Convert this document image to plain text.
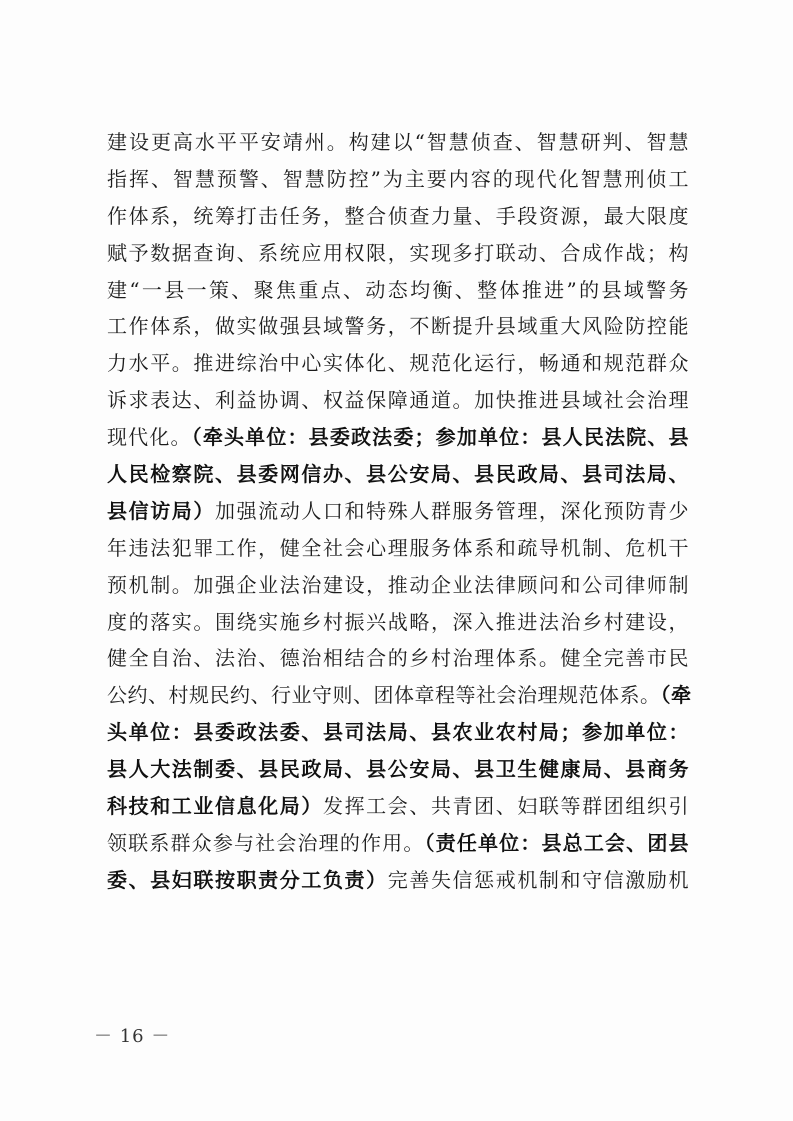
建设更高水平平安靖州。构建以“智慧侦查、智慧研判、智慧
指挥、智慧预警、智慧防控”为主要内容的现代化智慧刑侦工
作体系，统筹打击任务，整合侦查力量、手段资源，最大限度
赋予数据查询、系统应用权限，实现多打联动、合成作战；构
建“一县一策、聚焦重点、动态均衡、整体推进”的县域警务
工作体系，做实做强县域警务，不断提升县域重大风险防控能
力水平。推进综治中心实体化、规范化运行，畅通和规范群众
诉求表达、利益协调、权益保障通道。加快推进县域社会治理
现代化。（牵头单位：县委政法委；参加单位：县人民法院、县
人民检察院、县委网信办、县公安局、县民政局、县司法局、
县信访局）加强流动人口和特殊人群服务管理，深化预防青少
年违法犯罪工作，健全社会心理服务体系和疏导机制、危机干
预机制。加强企业法治建设，推动企业法律顾问和公司律师制
度的落实。围绕实施乡村振兴战略，深入推进法治乡村建设，
健全自治、法治、德治相结合的乡村治理体系。健全完善市民
公约、村规民约、行业守则、团体章程等社会治理规范体系。（牵
头单位：县委政法委、县司法局、县农业农村局；参加单位：
县人大法制委、县民政局、县公安局、县卫生健康局、县商务
科技和工业信息化局）发挥工会、共青团、妇联等群团组织引
领联系群众参与社会治理的作用。（责任单位：县总工会、团县
委、县妇联按职责分工负责）完善失信惩戒机制和守信激励机
－ 16 －
